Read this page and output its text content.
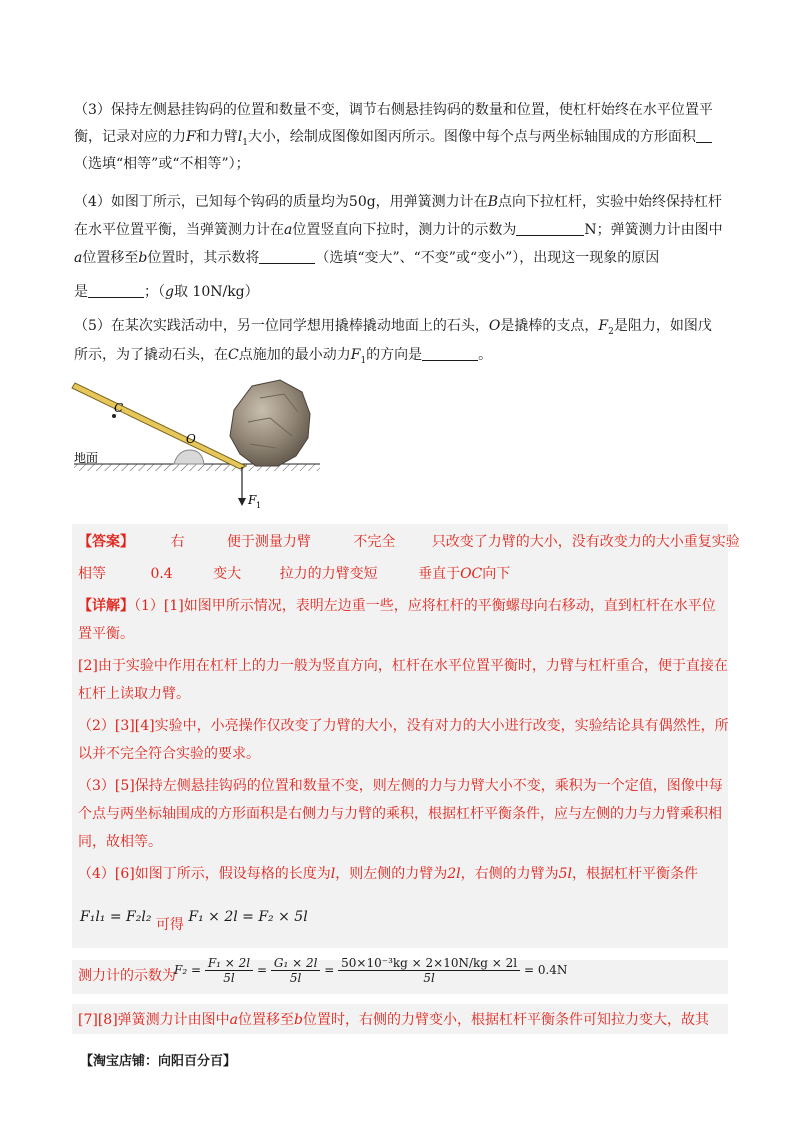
（3）保持左侧悬挂钩码的位置和数量不变，调节右侧悬挂钩码的数量和位置，使杠杆始终在水平位置平
衡，记录对应的力F和力臂$l_1$大小，绘制成图像如图丙所示。图像中每个点与两坐标轴围成的方形面积
（选填“相等”或“不相等”）；
（4）如图丁所示，已知每个钩码的质量均为50g，用弹簧测力计在B点向下拉杠杆，实验中始终保持杠杆
在水平位置平衡，当弹簧测力计在a位置竖直向下拉时，测力计的示数为	N；弹簧测力计由图中
a位置移至b位置时，其示数将	（选填“变大”、“不变”或“变小”），出现这一现象的原因
是	；（g取 10N/kg）
（5）在某次实践活动中，另一位同学想用撬棒撬动地面上的石头，O是撬棒的支点，$F_2$是阻力，如图戊
所示，为了撬动石头，在C点施加的最小动力$F_1$的方向是	。
C
O
地面
F 1
【答案】	右	便于测量力臂	不完全	只改变了力臂的大小，没有改变力的大小重复实验
相等	0.4	变大	拉力的力臂变短	垂直于OC向下
【详解】（1）[1]如图甲所示情况，表明左边重一些，应将杠杆的平衡螺母向右移动，直到杠杆在水平位
置平衡。
[2]由于实验中作用在杠杆上的力一般为竖直方向，杠杆在水平位置平衡时，力臂与杠杆重合，便于直接在
杠杆上读取力臂。
（2）[3][4]实验中，小亮操作仅改变了力臂的大小，没有对力的大小进行改变，实验结论具有偶然性，所
以并不完全符合实验的要求。
（3）[5]保持左侧悬挂钩码的位置和数量不变，则左侧的力与力臂大小不变，乘积为一个定值，图像中每
个点与两坐标轴围成的方形面积是右侧力与力臂的乘积，根据杠杆平衡条件，应与左侧的力与力臂乘积相
同，故相等。
（4）[6]如图丁所示，假设每格的长度为l，则左侧的力臂为2l，右侧的力臂为5l，根据杠杆平衡条件
F₁l₁ = F₂l₂ 可得 F₁ × 2l = F₂ × 5l
测力计的示数为
$F_2 = \frac{\text{F₁ × 2l}}{5l} = \frac{\text{G₁ × 2l}}{5l} = \frac{\text{50×10⁻³kg × 2×10N/kg × 2l}}{5l} = 0.4N$
[7][8]弹簧测力计由图中a位置移至b位置时，右侧的力臂变小，根据杠杆平衡条件可知拉力变大，故其
【淘宝店铺：向阳百分百】
